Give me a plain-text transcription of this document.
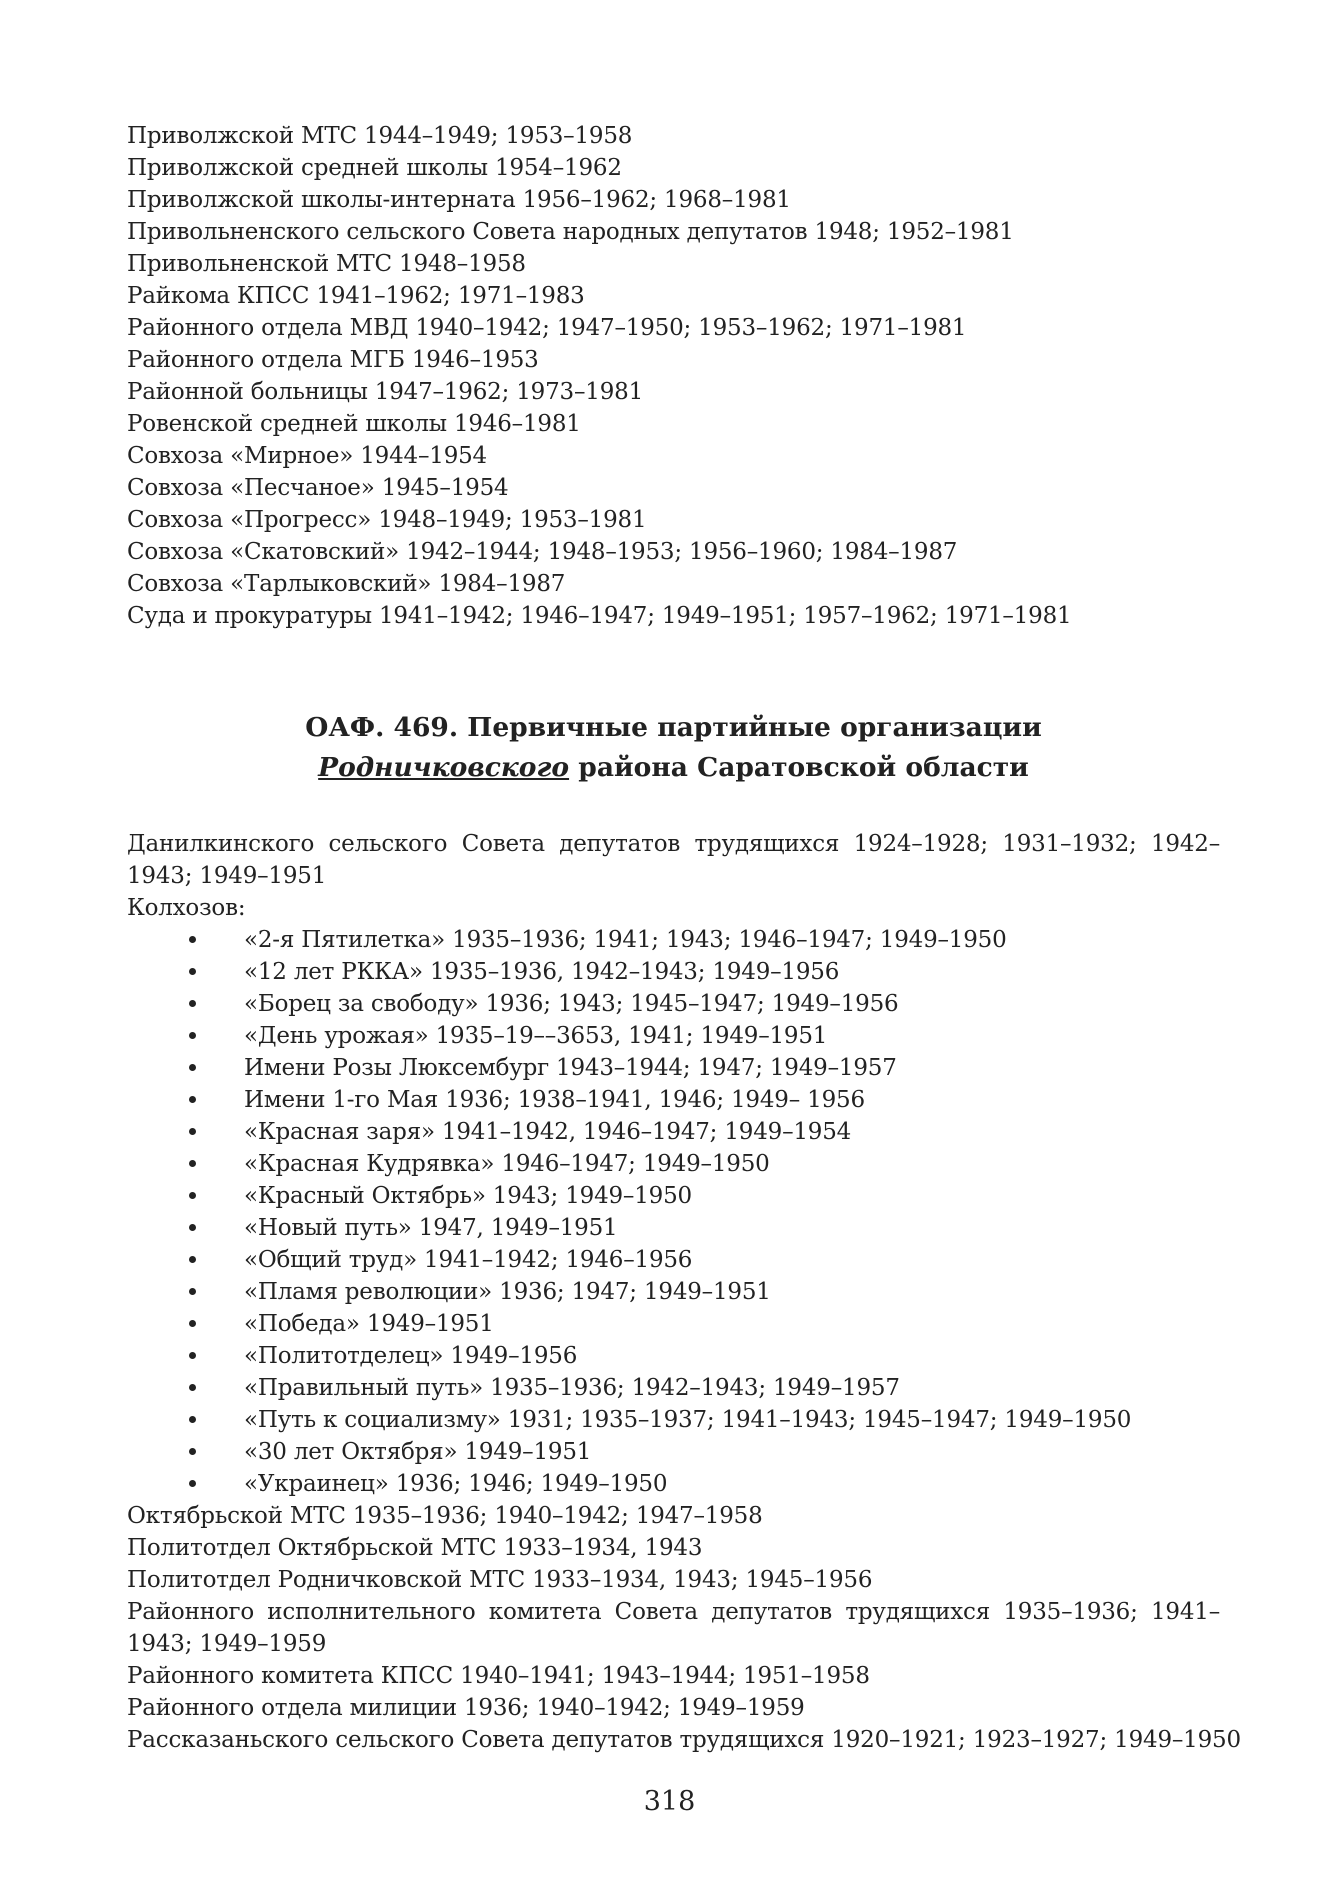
Приволжской МТС 1944–1949; 1953–1958
Приволжской средней школы 1954–1962
Приволжской школы-интерната 1956–1962; 1968–1981
Привольненского сельского Совета народных депутатов 1948; 1952–1981
Привольненской МТС 1948–1958
Райкома КПСС 1941–1962; 1971–1983
Районного отдела МВД 1940–1942; 1947–1950; 1953–1962; 1971–1981
Районного отдела МГБ 1946–1953
Районной больницы 1947–1962; 1973–1981
Ровенской средней школы 1946–1981
Совхоза «Мирное» 1944–1954
Совхоза «Песчаное» 1945–1954
Совхоза «Прогресс» 1948–1949; 1953–1981
Совхоза «Скатовский» 1942–1944; 1948–1953; 1956–1960; 1984–1987
Совхоза «Тарлыковский» 1984–1987
Суда и прокуратуры 1941–1942; 1946–1947; 1949–1951; 1957–1962; 1971–1981
ОАФ. 469. Первичные партийные организации
Родничковского района Саратовской области

Данилкинского сельского Совета депутатов трудящихся 1924–1928; 1931–1932; 1942–1943; 1949–1951

Колхозов:

«2-я Пятилетка» 1935–1936; 1941; 1943; 1946–1947; 1949–1950
«12 лет РККА» 1935–1936, 1942–1943; 1949–1956
«Борец за свободу» 1936; 1943; 1945–1947; 1949–1956
«День урожая» 1935–19––3653, 1941; 1949–1951
Имени Розы Люксембург 1943–1944; 1947; 1949–1957
Имени 1-го Мая 1936; 1938–1941, 1946; 1949– 1956
«Красная заря» 1941–1942, 1946–1947; 1949–1954
«Красная Кудрявка» 1946–1947; 1949–1950
«Красный Октябрь» 1943; 1949–1950
«Новый путь» 1947, 1949–1951
«Общий труд» 1941–1942; 1946–1956
«Пламя революции» 1936; 1947; 1949–1951
«Победа» 1949–1951
«Политотделец» 1949–1956
«Правильный путь» 1935–1936; 1942–1943; 1949–1957
«Путь к социализму» 1931; 1935–1937; 1941–1943; 1945–1947; 1949–1950
«30 лет Октября» 1949–1951
«Украинец» 1936; 1946; 1949–1950

Октябрьской МТС 1935–1936; 1940–1942; 1947–1958

Политотдел Октябрьской МТС 1933–1934, 1943

Политотдел Родничковской МТС 1933–1934, 1943; 1945–1956

Районного исполнительного комитета Совета депутатов трудящихся 1935–1936; 1941–1943; 1949–1959

Районного комитета КПСС 1940–1941; 1943–1944; 1951–1958

Районного отдела милиции 1936; 1940–1942; 1949–1959

Рассказаньского сельского Совета депутатов трудящихся 1920–1921; 1923–1927; 1949–1950

318
